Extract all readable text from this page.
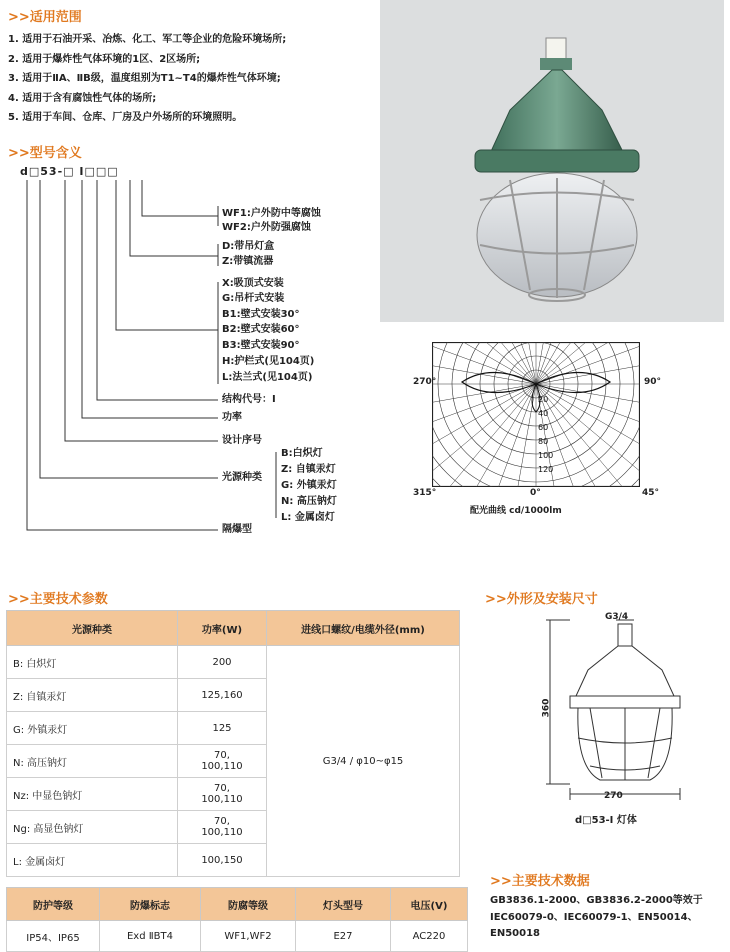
>>适用范围
1. 适用于石油开采、冶炼、化工、军工等企业的危险环境场所;
2. 适用于爆炸性气体环境的1区、2区场所;
3. 适用于ⅡA、ⅡB级，温度组别为T1~T4的爆炸性气体环境;
4. 适用于含有腐蚀性气体的场所;
5. 适用于车间、仓库、厂房及户外场所的环境照明。
>>型号含义
d□53-□ I□□□
WF1:户外防中等腐蚀
WF2:户外防强腐蚀
D:带吊灯盒
Z:带镇流器
X:吸顶式安装
G:吊杆式安装
B1:壁式安装30°
B2:壁式安装60°
B3:壁式安装90°
H:护栏式(见104页)
L:法兰式(见104页)
结构代号：Ⅰ
功率
设计序号
光源种类
B:白炽灯
Z: 自镇汞灯
G: 外镇汞灯
N: 高压钠灯
L: 金属卤灯
隔爆型
20
40
60
80
100
120
270°	90°
315°	0°	45°
配光曲线 cd/1000lm
>>主要技术参数
光源种类	功率(W)	进线口螺纹/电缆外径(mm)
B: 白炽灯	200	G3/4 / φ10~φ15
Z: 自镇汞灯	125,160	
G: 外镇汞灯	125	
N: 高压钠灯	70,
100,110	
Nz: 中显色钠灯	70,
100,110	
Ng: 高显色钠灯	70,
100,110	
L: 金属卤灯	100,150	
防护等级	防爆标志	防腐等级	灯头型号	电压(V)
IP54、IP65	Exd ⅡBT4	WF1,WF2	E27	AC220
>>外形及安装尺寸
G3/4
360
270
d□53-Ⅰ 灯体
>>主要技术数据
GB3836.1-2000、GB3836.2-2000等效于IEC60079-0、IEC60079-1、EN50014、EN50018
